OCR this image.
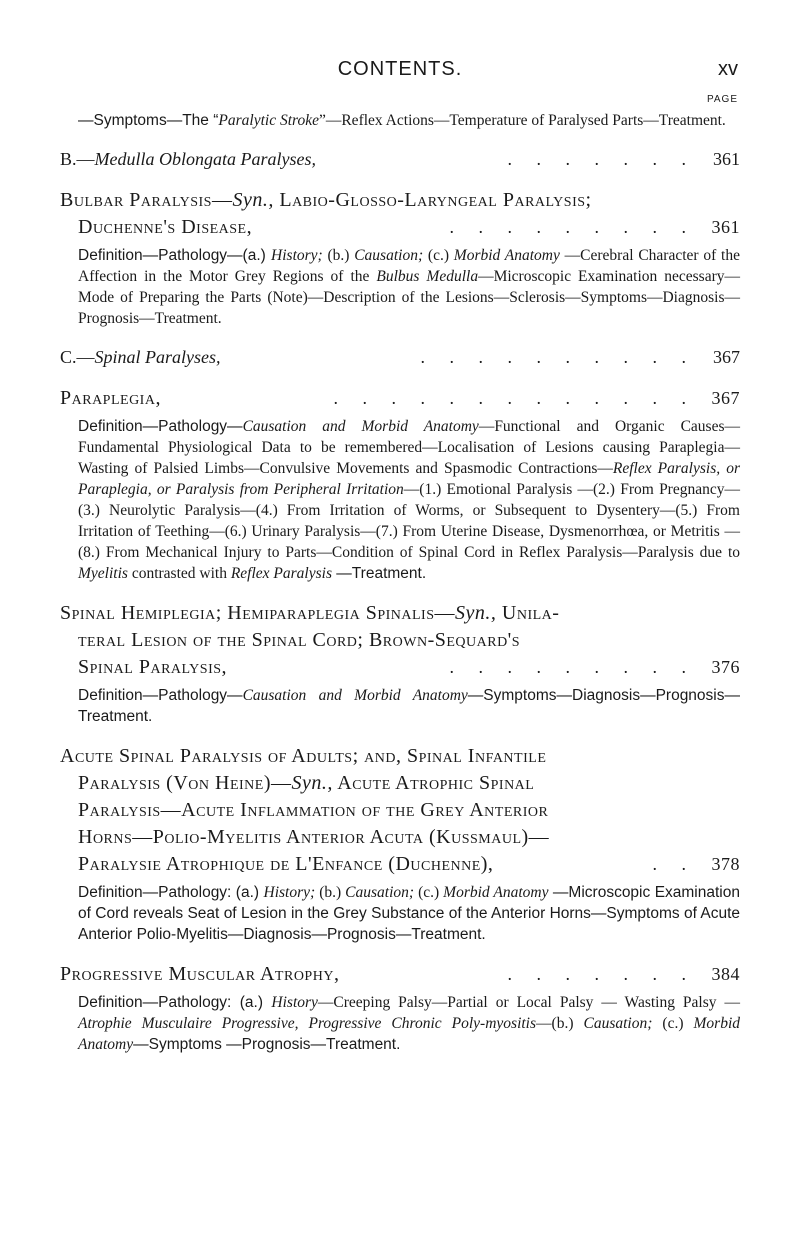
CONTENTS.	xv
PAGE

—Symptoms—The “Paralytic Stroke”—Reflex Actions—Temperature of Paralysed Parts—Treatment.

B.—Medulla Oblongata Paralyses,	. . . . . . . 361
Bulbar Paralysis—Syn., Labio-Glosso-Laryngeal Paralysis;
Duchenne's Disease,	. . . . . . . . . 361

Definition—Pathology—(a.) History; (b.) Causation; (c.) Morbid Anatomy —Cerebral Character of the Affection in the Motor Grey Regions of the Bulbus Medulla—Microscopic Examination necessary—Mode of Preparing the Parts (Note)—Description of the Lesions—Sclerosis—Symptoms—Diagnosis—Prognosis—Treatment.

C.—Spinal Paralyses,	. . . . . . . . . . 367
Paraplegia,	. . . . . . . . . . . . . 367

Definition—Pathology—Causation and Morbid Anatomy—Functional and Organic Causes—Fundamental Physiological Data to be remembered—Localisation of Lesions causing Paraplegia—Wasting of Palsied Limbs—Convulsive Movements and Spasmodic Contractions—Reflex Paralysis, or Paraplegia, or Paralysis from Peripheral Irritation—(1.) Emotional Paralysis —(2.) From Pregnancy—(3.) Neurolytic Paralysis—(4.) From Irritation of Worms, or Subsequent to Dysentery—(5.) From Irritation of Teething—(6.) Urinary Paralysis—(7.) From Uterine Disease, Dysmenorrhœa, or Metritis —(8.) From Mechanical Injury to Parts—Condition of Spinal Cord in Reflex Paralysis—Paralysis due to Myelitis contrasted with Reflex Paralysis —Treatment.

Spinal Hemiplegia; Hemiparaplegia Spinalis—Syn., Unila-
teral Lesion of the Spinal Cord; Brown-Sequard's
Spinal Paralysis,	. . . . . . . . . 376

Definition—Pathology—Causation and Morbid Anatomy—Symptoms—Diagnosis—Prognosis—Treatment.

Acute Spinal Paralysis of Adults; and, Spinal Infantile
Paralysis (Von Heine)—Syn., Acute Atrophic Spinal
Paralysis—Acute Inflammation of the Grey Anterior
Horns—Polio-Myelitis Anterior Acuta (Kussmaul)—
Paralysie Atrophique de L'Enfance (Duchenne),	. . 378

Definition—Pathology: (a.) History; (b.) Causation; (c.) Morbid Anatomy —Microscopic Examination of Cord reveals Seat of Lesion in the Grey Substance of the Anterior Horns—Symptoms of Acute Anterior Polio-Myelitis—Diagnosis—Prognosis—Treatment.

Progressive Muscular Atrophy,	. . . . . . . 384

Definition—Pathology: (a.) History—Creeping Palsy—Partial or Local Palsy — Wasting Palsy — Atrophie Musculaire Progressive, Progressive Chronic Poly-myositis—(b.) Causation; (c.) Morbid Anatomy—Symptoms —Prognosis—Treatment.
